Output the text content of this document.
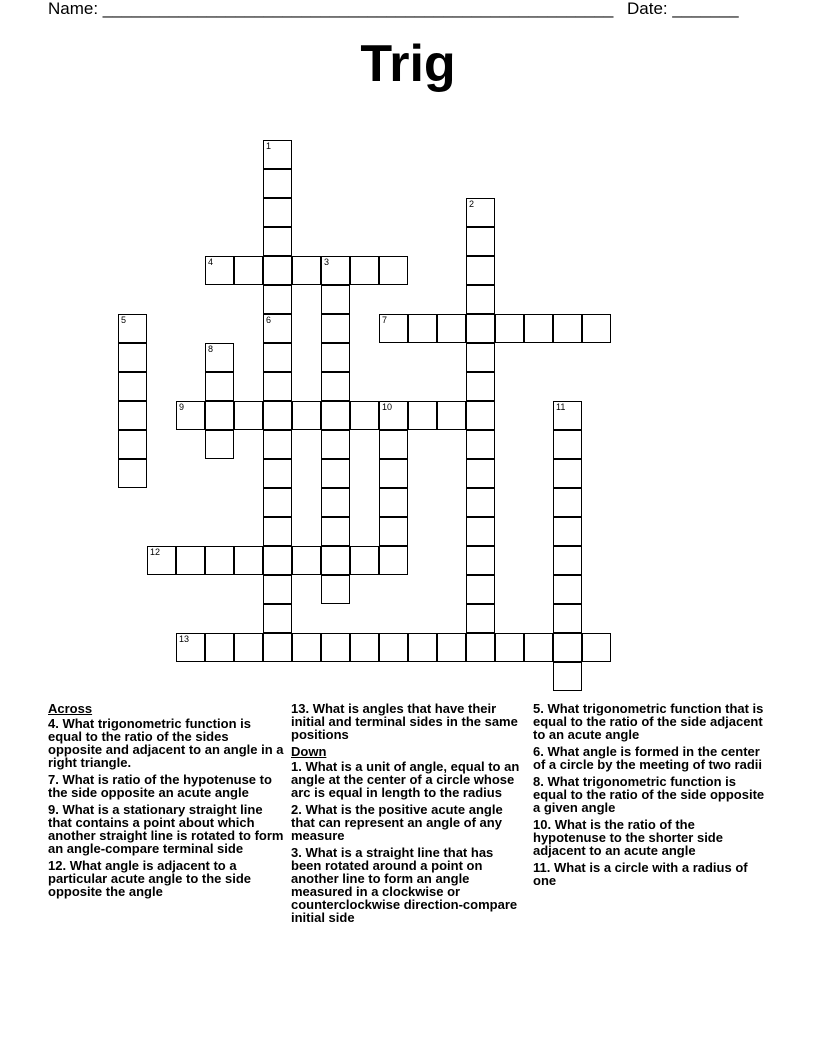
Name: ______________________________________________________ Date: _______
Trig
4	3
7
9	10
12
13
1
2
5	6
8
11
Across
4. What trigonometric function is equal to the ratio of the sides opposite and adjacent to an angle in a right triangle.
7. What is ratio of the hypotenuse to the side opposite an acute angle
9. What is a stationary straight line that contains a point about which another straight line is rotated to form an angle-compare terminal side
12. What angle is adjacent to a particular acute angle to the side opposite the angle
13. What is angles that have their initial and terminal sides in the same positions
Down
1. What is a unit of angle, equal to an angle at the center of a circle whose arc is equal in length to the radius
2. What is the positive acute angle that can represent an angle of any measure
3. What is a straight line that has been rotated around a point on another line to form an angle measured in a clockwise or counterclockwise direction-compare initial side
5. What trigonometric function that is equal to the ratio of the side adjacent to an acute angle
6. What angle is formed in the center of a circle by the meeting of two radii
8. What trigonometric function is equal to the ratio of the side opposite a given angle
10. What is the ratio of the hypotenuse to the shorter side adjacent to an acute angle
11. What is a circle with a radius of one
